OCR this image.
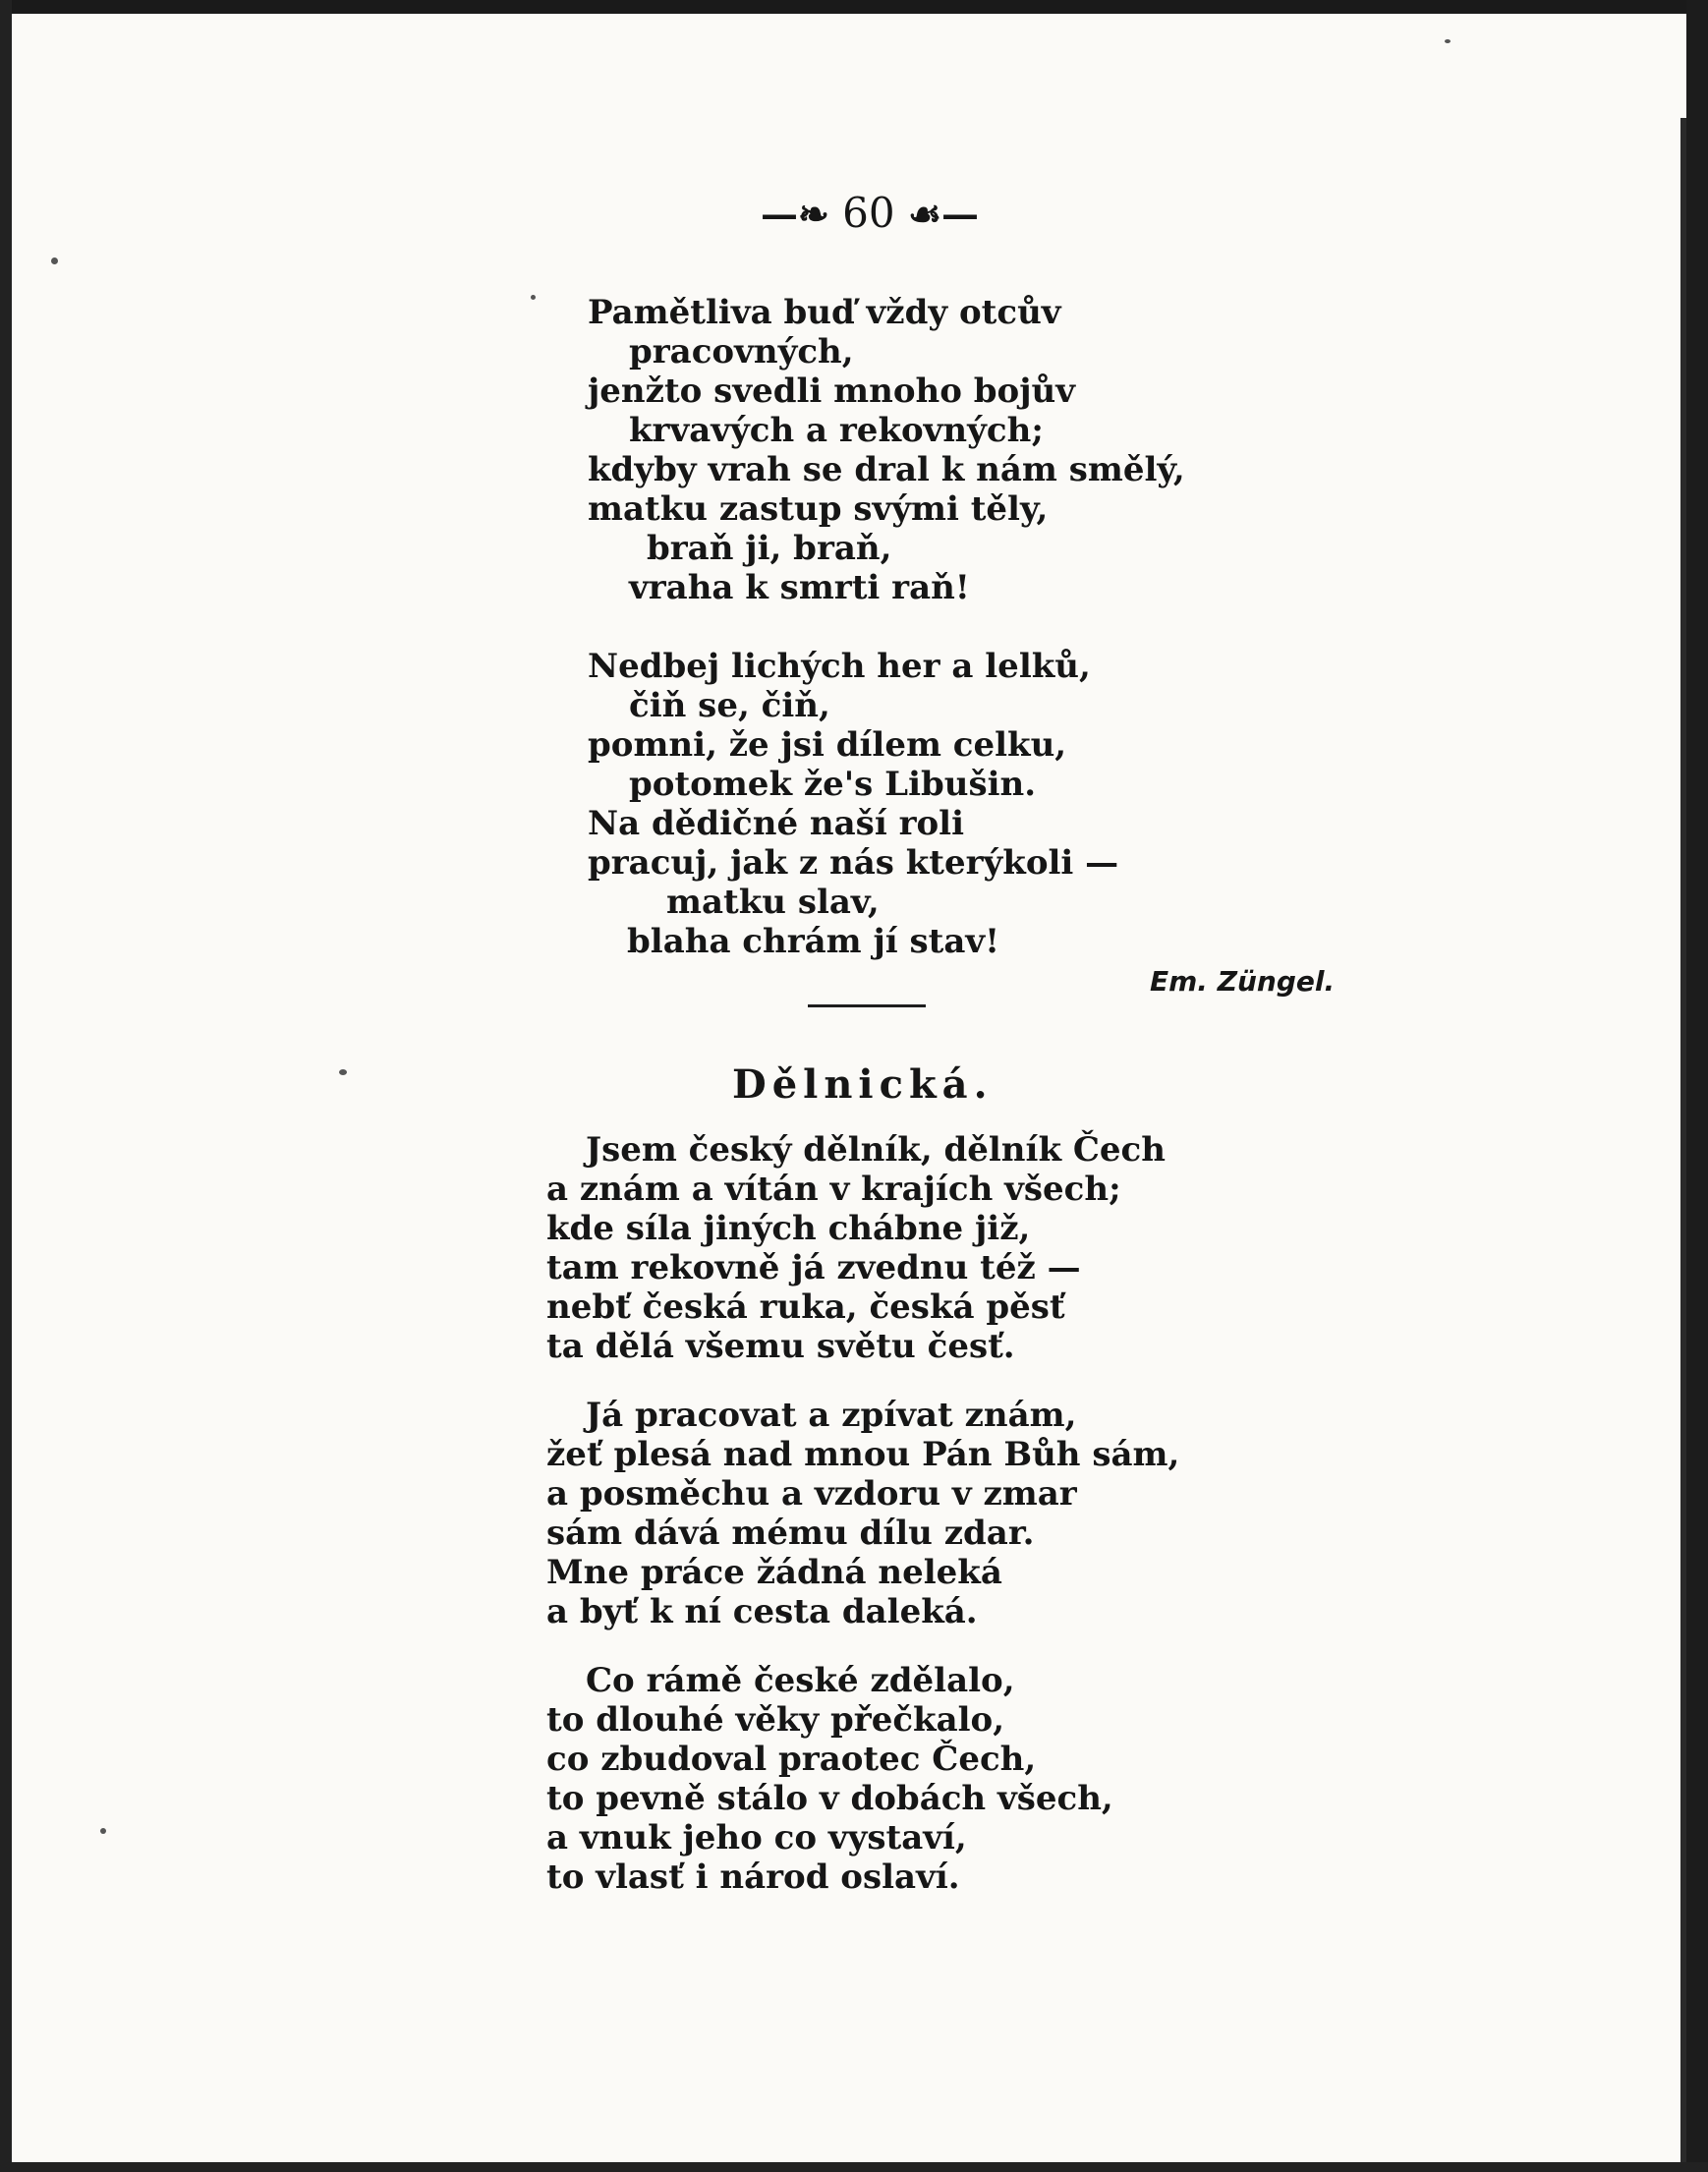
—❧ 60 ☙—
Pamětliva buď vždy otcův
pracovných,
jenžto svedli mnoho bojův
krvavých a rekovných;
kdyby vrah se dral k nám smělý,
matku zastup svými těly,
braň ji, braň,
vraha k smrti raň!
Nedbej lichých her a lelků,
čiň se, čiň,
pomni, že jsi dílem celku,
potomek že's Libušin.
Na dědičné naší roli
pracuj, jak z nás kterýkoli —
matku slav,
blaha chrám jí stav!
Em. Züngel.
Dělnická.
Jsem český dělník, dělník Čech
a znám a vítán v krajích všech;
kde síla jiných chábne již,
tam rekovně já zvednu též —
nebť česká ruka, česká pěsť
ta dělá všemu světu česť.
Já pracovat a zpívat znám,
žeť plesá nad mnou Pán Bůh sám,
a posměchu a vzdoru v zmar
sám dává mému dílu zdar.
Mne práce žádná neleká
a byť k ní cesta daleká.
Co rámě české zdělalo,
to dlouhé věky přečkalo,
co zbudoval praotec Čech,
to pevně stálo v dobách všech,
a vnuk jeho co vystaví,
to vlasť i národ oslaví.
